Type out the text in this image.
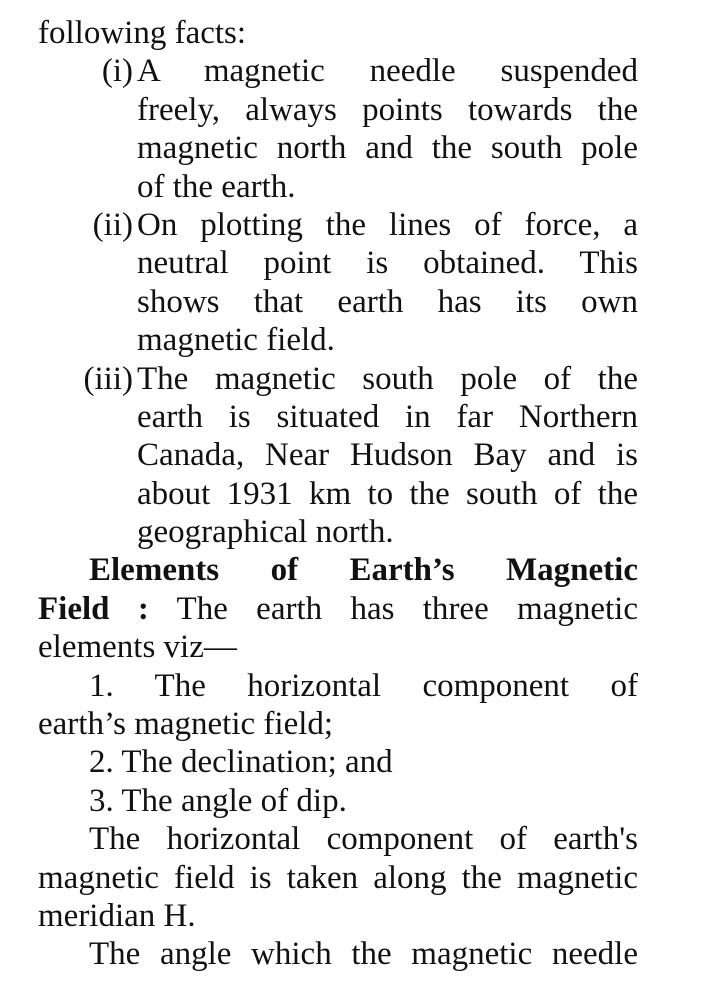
following facts:
(i) A magnetic needle suspended
freely, always points towards the
magnetic north and the south pole
of the earth.
(ii) On plotting the lines of force, a
neutral point is obtained. This
shows that earth has its own
magnetic field.
(iii) The magnetic south pole of the
earth is situated in far Northern
Canada, Near Hudson Bay and is
about 1931 km to the south of the
geographical north.
Elements of Earth’s Magnetic
Field : The earth has three magnetic
elements viz—
1. The horizontal component of
earth’s magnetic field;
2. The declination; and
3. The angle of dip.
The horizontal component of earth's
magnetic field is taken along the magnetic
meridian H.
The angle which the magnetic needle
